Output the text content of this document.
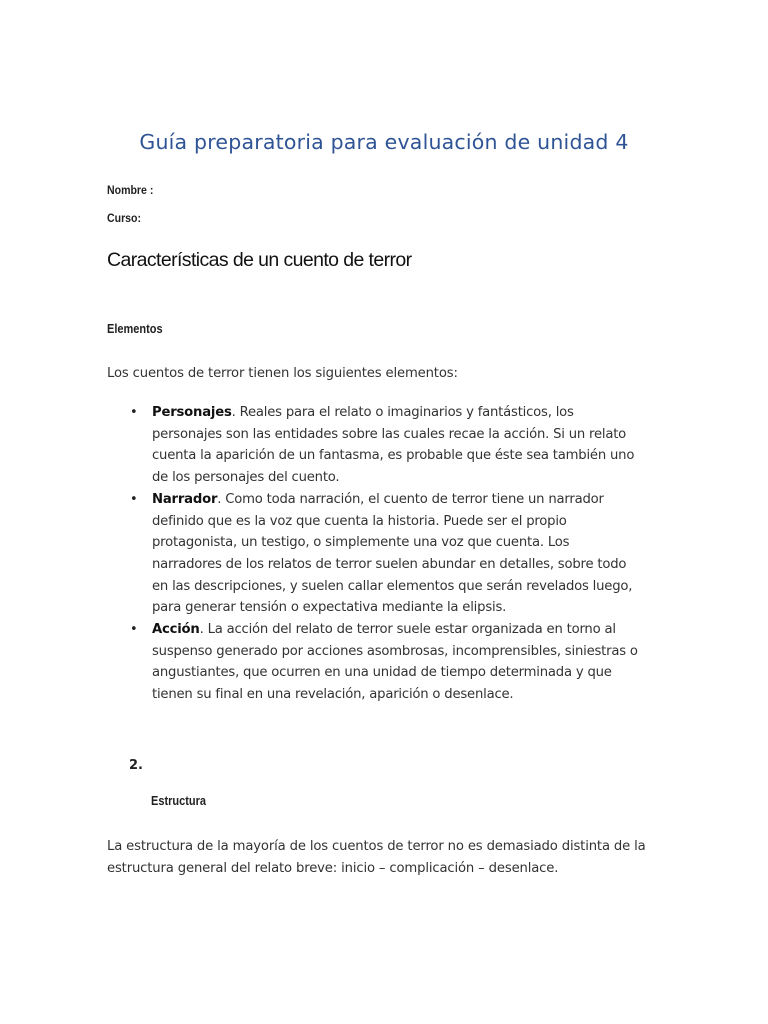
Guía preparatoria para evaluación de unidad 4
Nombre :
Curso:
Características de un cuento de terror
Elementos
Los cuentos de terror tienen los siguientes elementos:
• Personajes. Reales para el relato o imaginarios y fantásticos, los personajes son las entidades sobre las cuales recae la acción. Si un relato cuenta la aparición de un fantasma, es probable que éste sea también uno de los personajes del cuento.
• Narrador. Como toda narración, el cuento de terror tiene un narrador definido que es la voz que cuenta la historia. Puede ser el propio protagonista, un testigo, o simplemente una voz que cuenta. Los narradores de los relatos de terror suelen abundar en detalles, sobre todo en las descripciones, y suelen callar elementos que serán revelados luego, para generar tensión o expectativa mediante la elipsis.
• Acción. La acción del relato de terror suele estar organizada en torno al suspenso generado por acciones asombrosas, incomprensibles, siniestras o angustiantes, que ocurren en una unidad de tiempo determinada y que tienen su final en una revelación, aparición o desenlace.
2.
Estructura
La estructura de la mayoría de los cuentos de terror no es demasiado distinta de la estructura general del relato breve: inicio – complicación – desenlace.
